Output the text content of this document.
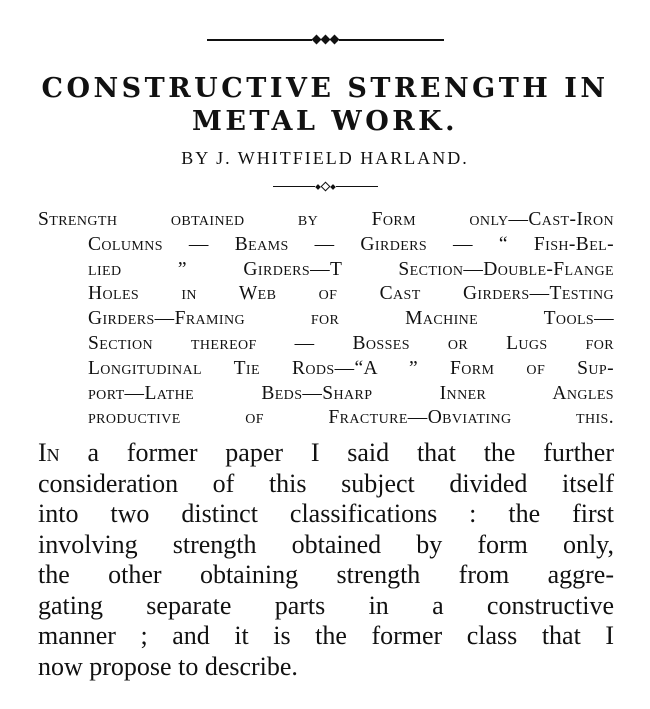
CONSTRUCTIVE STRENGTH IN
METAL WORK.

BY J. WHITFIELD HARLAND.

Strength obtained by Form only—Cast-Iron
Columns — Beams — Girders — “ Fish-Bel-
lied ” Girders—T Section—Double-Flange
Holes in Web of Cast Girders—Testing
Girders—Framing for Machine Tools—
Section thereof — Bosses or Lugs for
Longitudinal Tie Rods—“A ” Form of Sup-
port—Lathe Beds—Sharp Inner Angles
productive of Fracture—Obviating this.

In a former paper I said that the further
consideration of this subject divided itself
into two distinct classifications : the first
involving strength obtained by form only,
the other obtaining strength from aggre-
gating separate parts in a constructive
manner ; and it is the former class that I
now propose to describe.
